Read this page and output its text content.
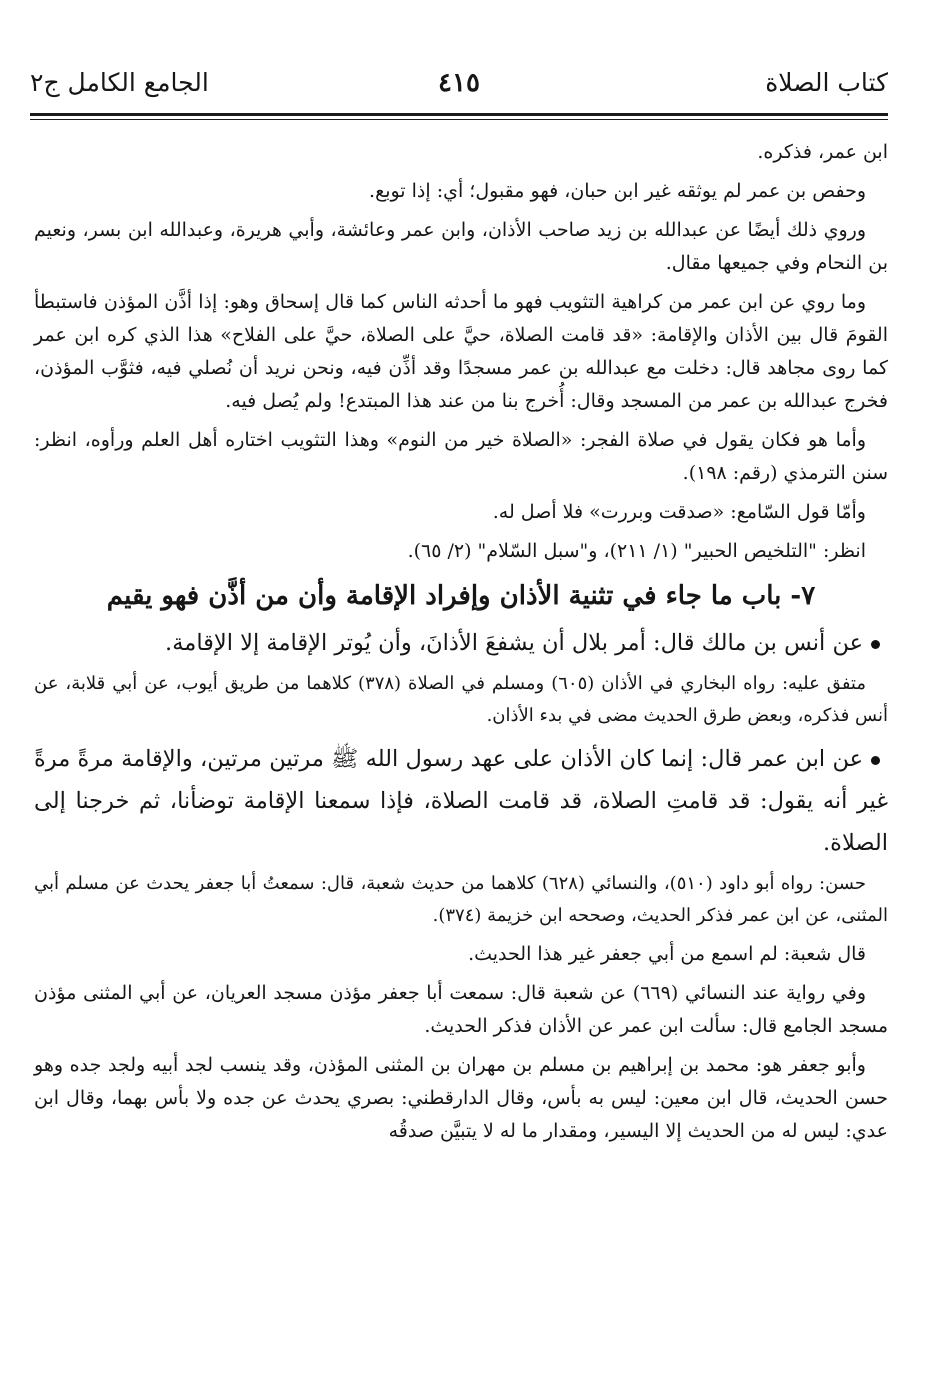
كتاب الصلاة
٤١٥
الجامع الكامل ج٢

ابن عمر، فذكره.

وحفص بن عمر لم يوثقه غير ابن حبان، فهو مقبول؛ أي: إذا توبع.

وروي ذلك أيضًا عن عبدالله بن زيد صاحب الأذان، وابن عمر وعائشة، وأبي هريرة، وعبدالله ابن بسر، ونعيم بن النحام وفي جميعها مقال.

وما روي عن ابن عمر من كراهية التثويب فهو ما أحدثه الناس كما قال إسحاق وهو: إذا أذَّن المؤذن فاستبطأ القومَ قال بين الأذان والإقامة: «قد قامت الصلاة، حيَّ على الصلاة، حيَّ على الفلاح» هذا الذي كره ابن عمر كما روى مجاهد قال: دخلت مع عبدالله بن عمر مسجدًا وقد أذِّن فيه، ونحن نريد أن نُصلي فيه، فثوَّب المؤذن، فخرج عبدالله بن عمر من المسجد وقال: أُخرج بنا من عند هذا المبتدع! ولم يُصل فيه.

وأما هو فكان يقول في صلاة الفجر: «الصلاة خير من النوم» وهذا التثويب اختاره أهل العلم ورأوه، انظر: سنن الترمذي (رقم: ١٩٨).

وأمّا قول السّامع: «صدقت وبررت» فلا أصل له.

انظر: "التلخيص الحبير" (١/ ٢١١)، و"سبل السّلام" (٢/ ٦٥).

٧- باب ما جاء في تثنية الأذان وإفراد الإقامة وأن من أذَّن فهو يقيم

عن أنس بن مالك قال: أمر بلال أن يشفعَ الأذانَ، وأن يُوتر الإقامة إلا الإقامة.

متفق عليه: رواه البخاري في الأذان (٦٠٥) ومسلم في الصلاة (٣٧٨) كلاهما من طريق أيوب، عن أبي قلابة، عن أنس فذكره، وبعض طرق الحديث مضى في بدء الأذان.

عن ابن عمر قال: إنما كان الأذان على عهد رسول الله ﷺ مرتين مرتين، والإقامة مرةً مرةً غير أنه يقول: قد قامتِ الصلاة، قد قامت الصلاة، فإذا سمعنا الإقامة توضأنا، ثم خرجنا إلى الصلاة.

حسن: رواه أبو داود (٥١٠)، والنسائي (٦٢٨) كلاهما من حديث شعبة، قال: سمعتُ أبا جعفر يحدث عن مسلم أبي المثنى، عن ابن عمر فذكر الحديث، وصححه ابن خزيمة (٣٧٤).

قال شعبة: لم اسمع من أبي جعفر غير هذا الحديث.

وفي رواية عند النسائي (٦٦٩) عن شعبة قال: سمعت أبا جعفر مؤذن مسجد العريان، عن أبي المثنى مؤذن مسجد الجامع قال: سألت ابن عمر عن الأذان فذكر الحديث.

وأبو جعفر هو: محمد بن إبراهيم بن مسلم بن مهران بن المثنى المؤذن، وقد ينسب لجد أبيه ولجد جده وهو حسن الحديث، قال ابن معين: ليس به بأس، وقال الدارقطني: بصري يحدث عن جده ولا بأس بهما، وقال ابن عدي: ليس له من الحديث إلا اليسير، ومقدار ما له لا يتبيَّن صدقُه
